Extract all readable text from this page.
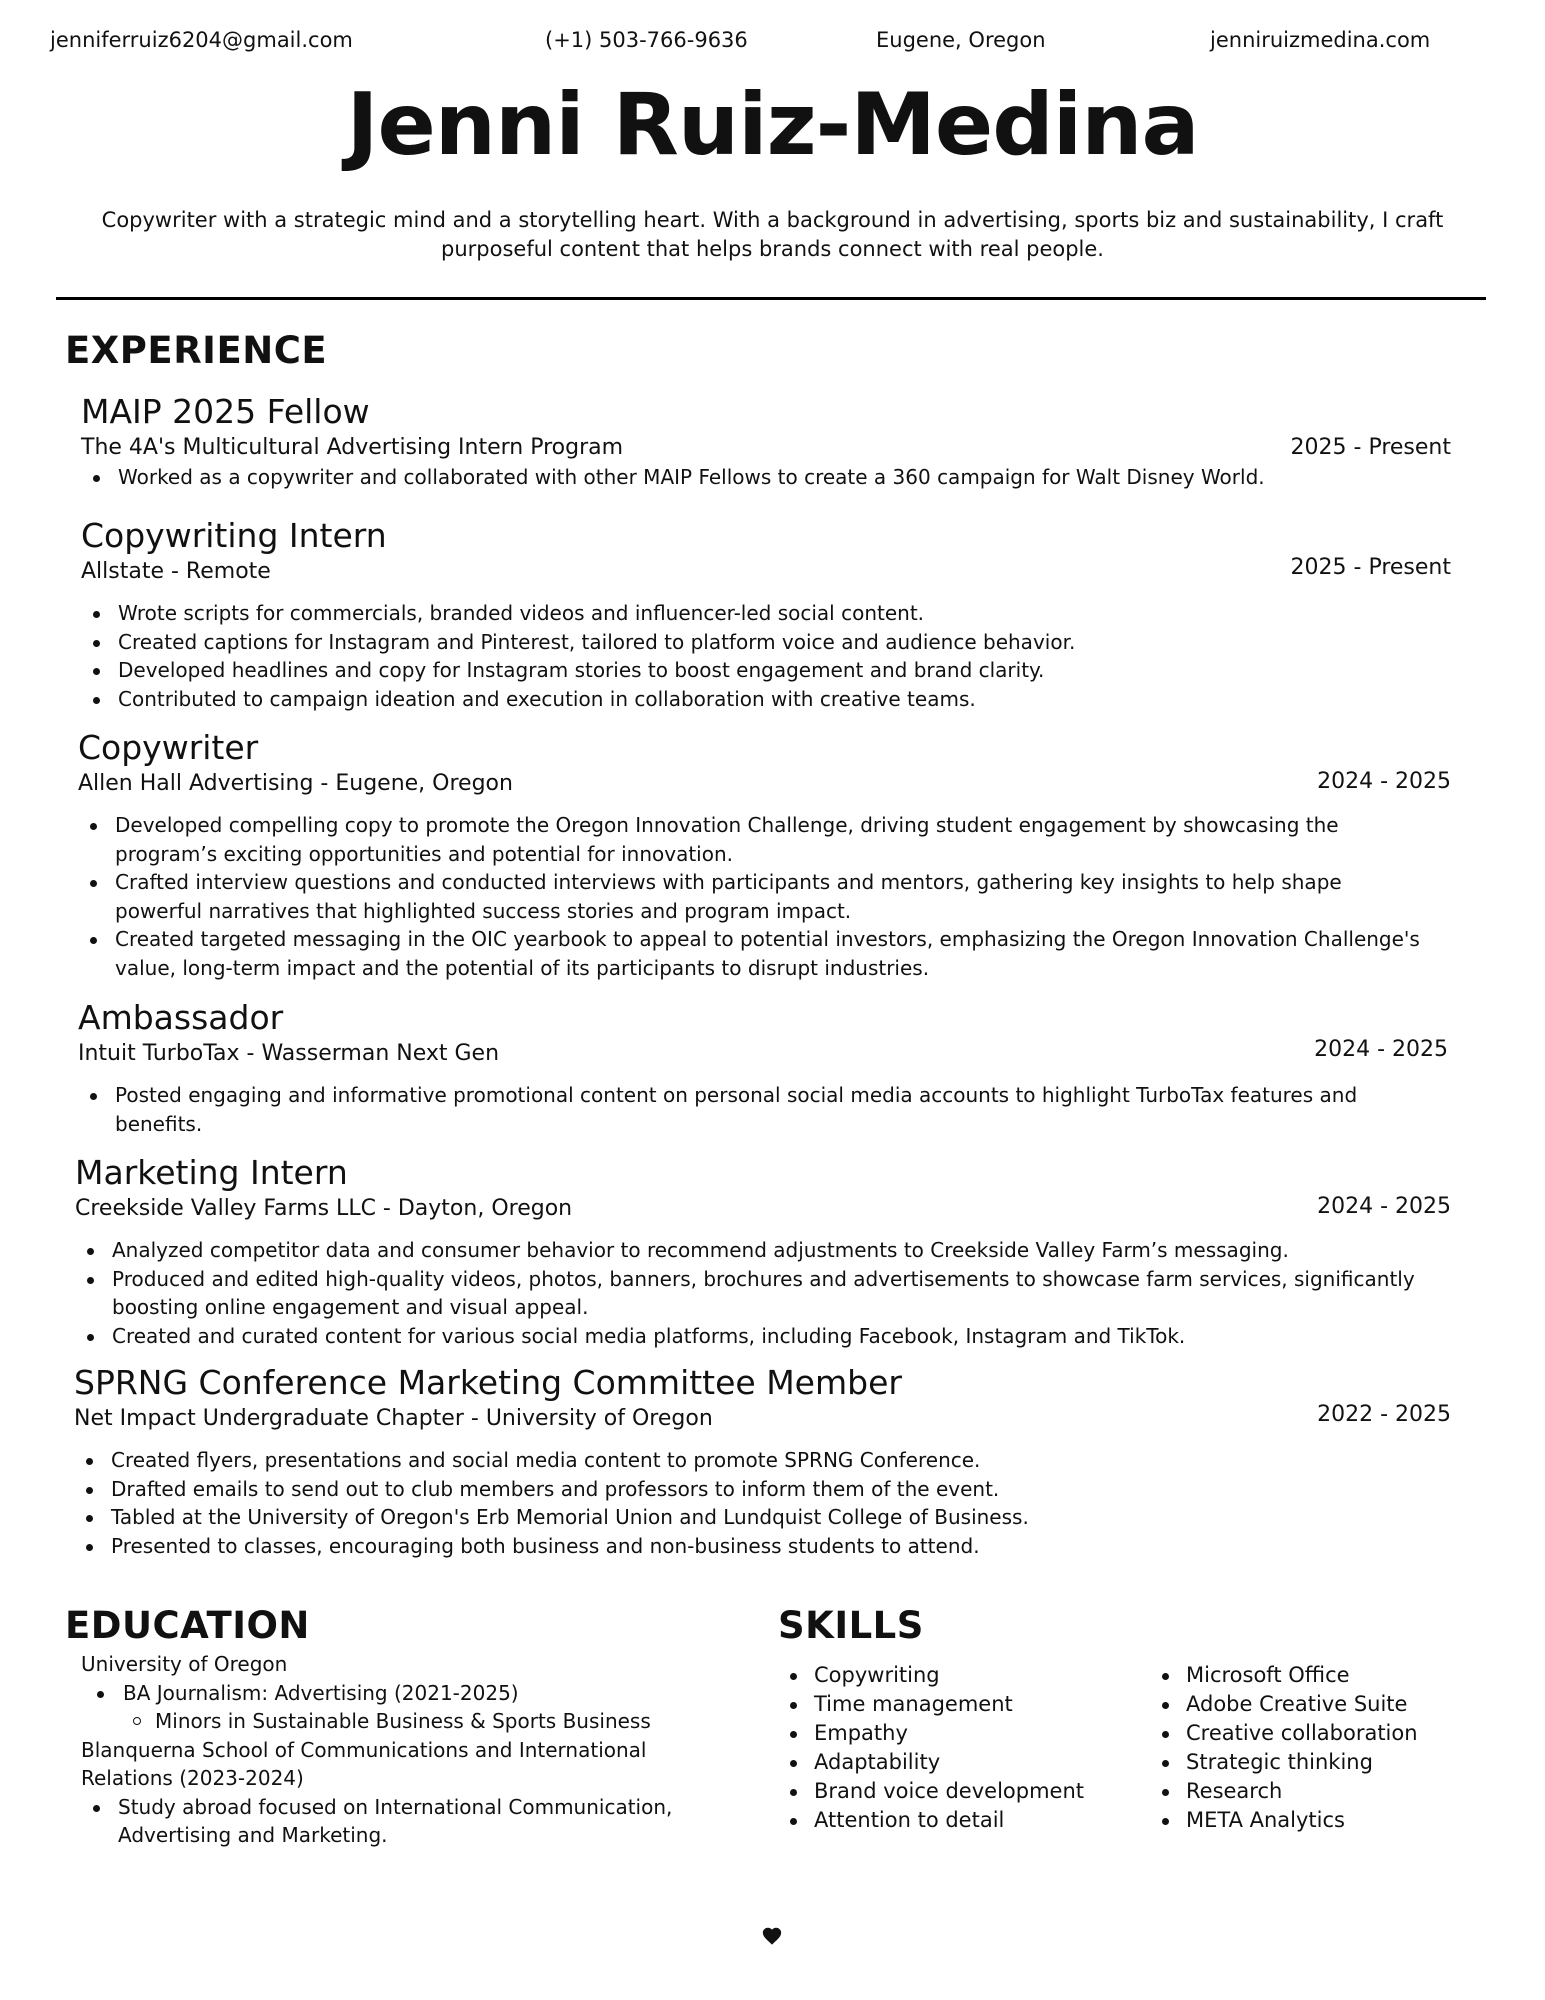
jenniferruiz6204@gmail.com	(+1) 503-766-9636	Eugene, Oregon	jenniruizmedina.com
Jenni Ruiz-Medina
Copywriter with a strategic mind and a storytelling heart. With a background in advertising, sports biz and sustainability, I craft purposeful content that helps brands connect with real people.
EXPERIENCE
MAIP 2025 Fellow
The 4A's Multicultural Advertising Intern Program	2025 - Present
Worked as a copywriter and collaborated with other MAIP Fellows to create a 360 campaign for Walt Disney World.
Copywriting Intern
Allstate - Remote	2025 - Present
Wrote scripts for commercials, branded videos and influencer-led social content.
Created captions for Instagram and Pinterest, tailored to platform voice and audience behavior.
Developed headlines and copy for Instagram stories to boost engagement and brand clarity.
Contributed to campaign ideation and execution in collaboration with creative teams.
Copywriter
Allen Hall Advertising - Eugene, Oregon	2024 - 2025
Developed compelling copy to promote the Oregon Innovation Challenge, driving student engagement by showcasing the program’s exciting opportunities and potential for innovation.
Crafted interview questions and conducted interviews with participants and mentors, gathering key insights to help shape powerful narratives that highlighted success stories and program impact.
Created targeted messaging in the OIC yearbook to appeal to potential investors, emphasizing the Oregon Innovation Challenge's value, long-term impact and the potential of its participants to disrupt industries.
Ambassador
Intuit TurboTax - Wasserman Next Gen	2024 - 2025
Posted engaging and informative promotional content on personal social media accounts to highlight TurboTax features and benefits.
Marketing Intern
Creekside Valley Farms LLC - Dayton, Oregon	2024 - 2025
Analyzed competitor data and consumer behavior to recommend adjustments to Creekside Valley Farm’s messaging.
Produced and edited high-quality videos, photos, banners, brochures and advertisements to showcase farm services, significantly boosting online engagement and visual appeal.
Created and curated content for various social media platforms, including Facebook, Instagram and TikTok.
SPRNG Conference Marketing Committee Member
Net Impact Undergraduate Chapter - University of Oregon	2022 - 2025
Created flyers, presentations and social media content to promote SPRNG Conference.
Drafted emails to send out to club members and professors to inform them of the event.
Tabled at the University of Oregon's Erb Memorial Union and Lundquist College of Business.
Presented to classes, encouraging both business and non-business students to attend.
EDUCATION
University of Oregon
BA Journalism: Advertising (2021-2025)
Minors in Sustainable Business & Sports Business
Blanquerna School of Communications and International
Relations (2023-2024)
Study abroad focused on International Communication, Advertising and Marketing.
SKILLS
Copywriting
Time management
Empathy
Adaptability
Brand voice development
Attention to detail
Microsoft Office
Adobe Creative Suite
Creative collaboration
Strategic thinking
Research
META Analytics
